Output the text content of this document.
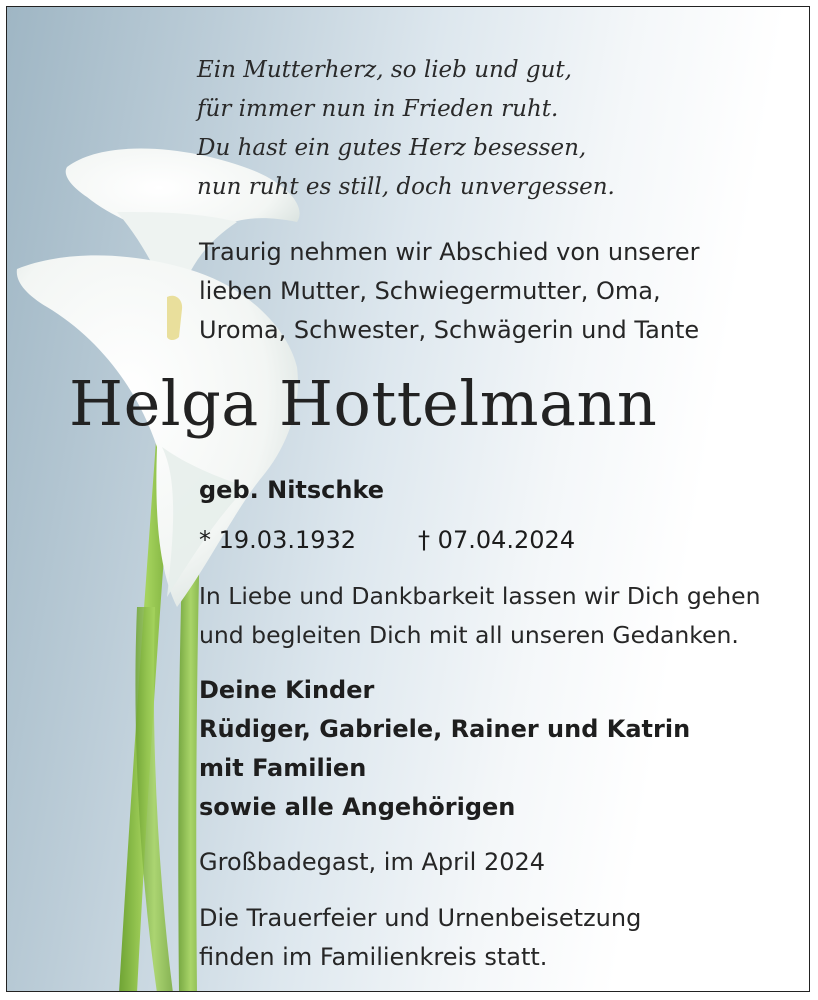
Ein Mutterherz, so lieb und gut,
für immer nun in Frieden ruht.
Du hast ein gutes Herz besessen,
nun ruht es still, doch unvergessen.
Traurig nehmen wir Abschied von unserer
lieben Mutter, Schwiegermutter, Oma,
Uroma, Schwester, Schwägerin und Tante
Helga Hottelmann
geb. Nitschke
* 19.03.1932	† 07.04.2024
In Liebe und Dankbarkeit lassen wir Dich gehen
und begleiten Dich mit all unseren Gedanken.
Deine Kinder
Rüdiger, Gabriele, Rainer und Katrin
mit Familien
sowie alle Angehörigen
Großbadegast, im April 2024
Die Trauerfeier und Urnenbeisetzung
finden im Familienkreis statt.
